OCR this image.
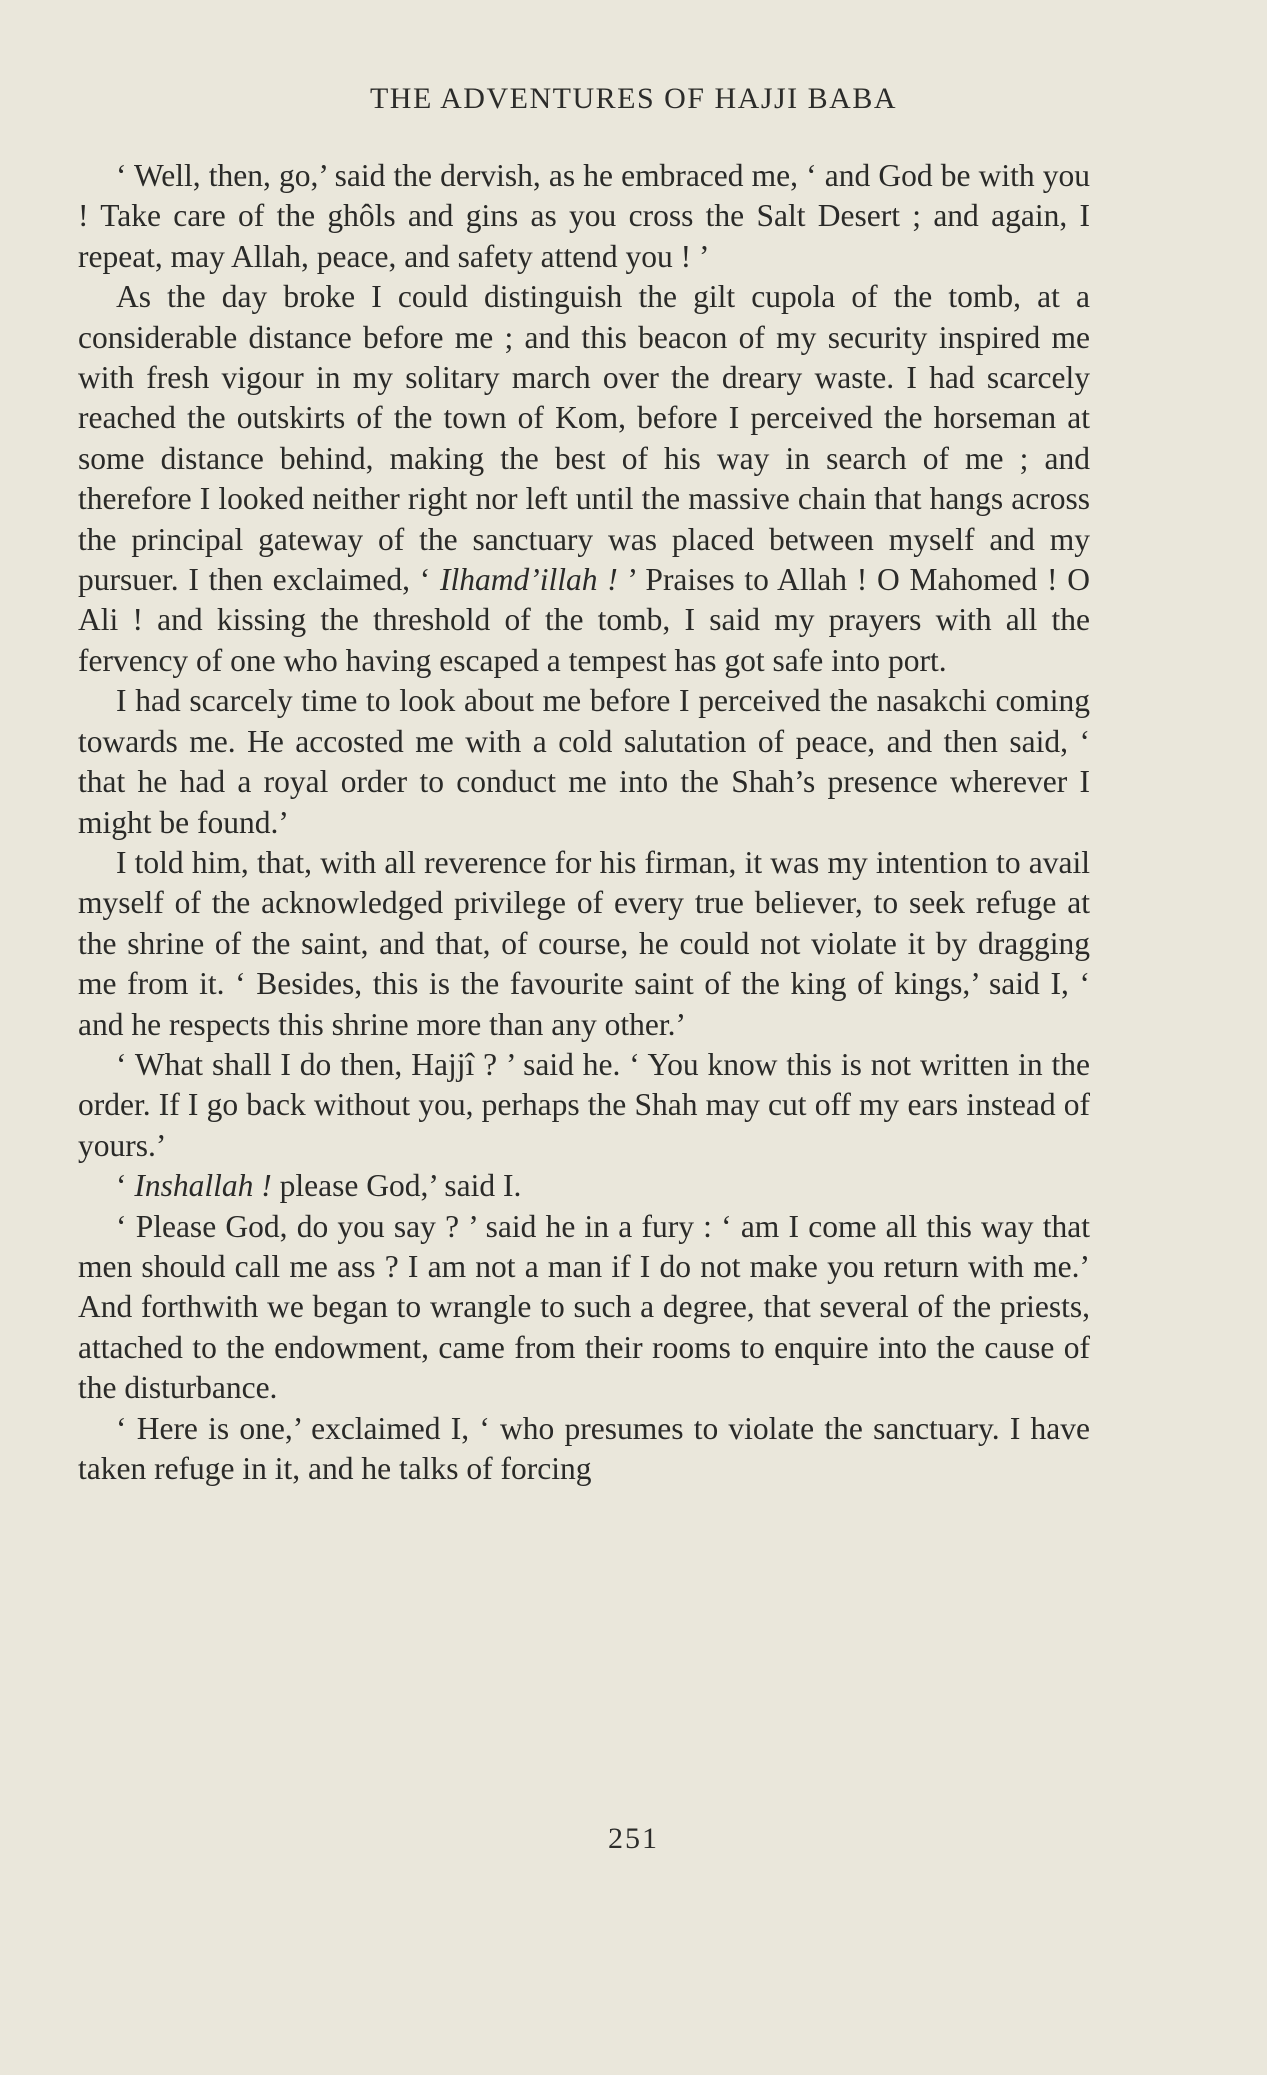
THE ADVENTURES OF HAJJI BABA

‘ Well, then, go,’ said the dervish, as he embraced me, ‘ and God be with you ! Take care of the ghôls and gins as you cross the Salt Desert ; and again, I repeat, may Allah, peace, and safety attend you ! ’

As the day broke I could distinguish the gilt cupola of the tomb, at a considerable distance before me ; and this beacon of my security inspired me with fresh vigour in my solitary march over the dreary waste. I had scarcely reached the outskirts of the town of Kom, before I perceived the horseman at some distance behind, making the best of his way in search of me ; and therefore I looked neither right nor left until the massive chain that hangs across the principal gateway of the sanctuary was placed between myself and my pursuer. I then exclaimed, ‘ Ilhamd’illah ! ’ Praises to Allah ! O Mahomed ! O Ali ! and kissing the threshold of the tomb, I said my prayers with all the fervency of one who having escaped a tempest has got safe into port.

I had scarcely time to look about me before I perceived the nasakchi coming towards me. He accosted me with a cold salutation of peace, and then said, ‘ that he had a royal order to conduct me into the Shah’s presence wherever I might be found.’

I told him, that, with all reverence for his firman, it was my intention to avail myself of the acknowledged privilege of every true believer, to seek refuge at the shrine of the saint, and that, of course, he could not violate it by dragging me from it. ‘ Besides, this is the favourite saint of the king of kings,’ said I, ‘ and he respects this shrine more than any other.’

‘ What shall I do then, Hajjî ? ’ said he. ‘ You know this is not written in the order. If I go back without you, perhaps the Shah may cut off my ears instead of yours.’

‘ Inshallah ! please God,’ said I.

‘ Please God, do you say ? ’ said he in a fury : ‘ am I come all this way that men should call me ass ? I am not a man if I do not make you return with me.’ And forthwith we began to wrangle to such a degree, that several of the priests, attached to the endowment, came from their rooms to enquire into the cause of the disturbance.

‘ Here is one,’ exclaimed I, ‘ who presumes to violate the sanctuary. I have taken refuge in it, and he talks of forcing

251
